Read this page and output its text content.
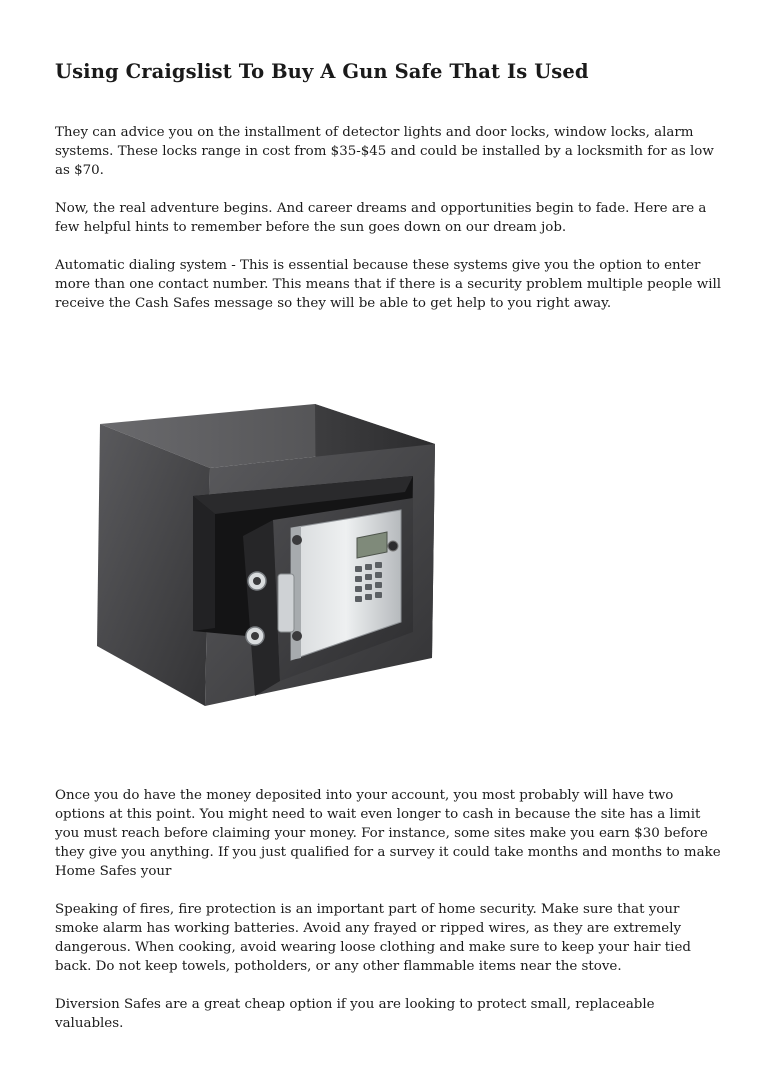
Using Craigslist To Buy A Gun Safe That Is Used

They can advice you on the installment of detector lights and door locks, window locks, alarm systems. These locks range in cost from $35-$45 and could be installed by a locksmith for as low as $70.

Now, the real adventure begins. And career dreams and opportunities begin to fade. Here are a few helpful hints to remember before the sun goes down on our dream job.

Automatic dialing system - This is essential because these systems give you the option to enter more than one contact number. This means that if there is a security problem multiple people will receive the Cash Safes message so they will be able to get help to you right away.

Once you do have the money deposited into your account, you most probably will have two options at this point. You might need to wait even longer to cash in because the site has a limit you must reach before claiming your money. For instance, some sites make you earn $30 before they give you anything. If you just qualified for a survey it could take months and months to make Home Safes your

Speaking of fires, fire protection is an important part of home security. Make sure that your smoke alarm has working batteries. Avoid any frayed or ripped wires, as they are extremely dangerous. When cooking, avoid wearing loose clothing and make sure to keep your hair tied back. Do not keep towels, potholders, or any other flammable items near the stove.

Diversion Safes are a great cheap option if you are looking to protect small, replaceable valuables.
